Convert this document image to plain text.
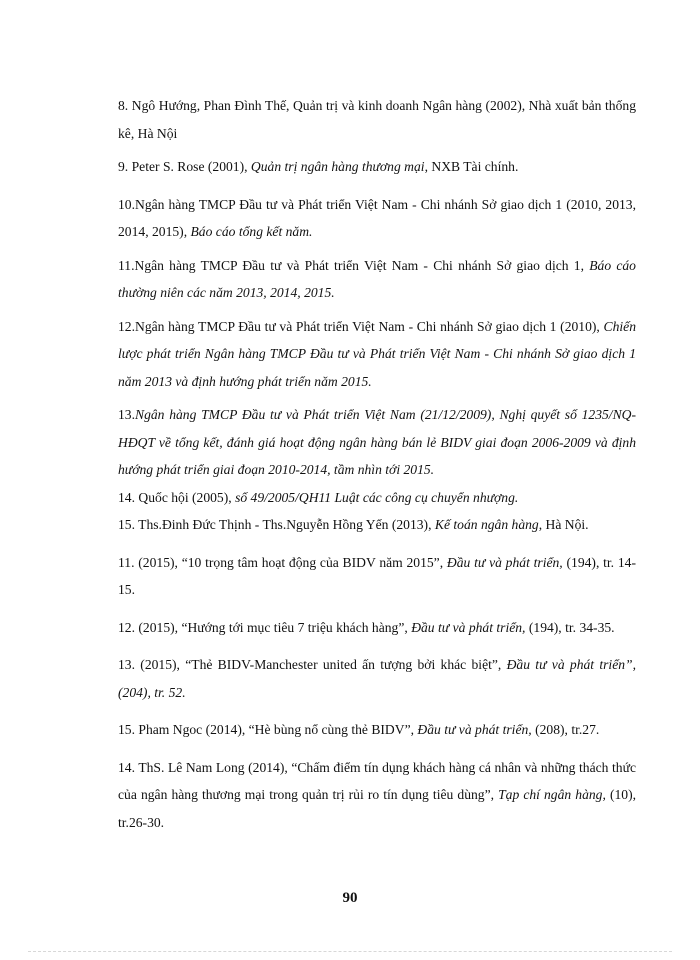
8. Ngô Hướng, Phan Đình Thế, Quản trị và kinh doanh Ngân hàng (2002), Nhà xuất bản thống kê, Hà Nội
9. Peter S. Rose (2001), Quản trị ngân hàng thương mại, NXB Tài chính.
10.Ngân hàng TMCP Đầu tư và Phát triển Việt Nam - Chi nhánh Sở giao dịch 1 (2010, 2013, 2014, 2015), Báo cáo tổng kết năm.
11.Ngân hàng TMCP Đầu tư và Phát triển Việt Nam - Chi nhánh Sở giao dịch 1, Báo cáo thường niên các năm 2013, 2014, 2015.
12.Ngân hàng TMCP Đầu tư và Phát triển Việt Nam - Chi nhánh Sở giao dịch 1 (2010), Chiến lược phát triển Ngân hàng TMCP Đầu tư và Phát triển Việt Nam - Chi nhánh Sở giao dịch 1 năm 2013 và định hướng phát triển năm 2015.
13.Ngân hàng TMCP Đầu tư và Phát triển Việt Nam (21/12/2009), Nghị quyết số 1235/NQ-HĐQT về tổng kết, đánh giá hoạt động ngân hàng bán lẻ BIDV giai đoạn 2006-2009 và định hướng phát triển giai đoạn 2010-2014, tầm nhìn tới 2015.
14. Quốc hội (2005), số 49/2005/QH11 Luật các công cụ chuyển nhượng.
15. Ths.Đinh Đức Thịnh - Ths.Nguyễn Hồng Yến (2013), Kế toán ngân hàng, Hà Nội.
11. (2015), “10 trọng tâm hoạt động của BIDV năm 2015”, Đầu tư và phát triển, (194), tr. 14-15.
12. (2015), “Hướng tới mục tiêu 7 triệu khách hàng”, Đầu tư và phát triển, (194), tr. 34-35.
13. (2015), “Thẻ BIDV-Manchester united ấn tượng bởi khác biệt”, Đầu tư và phát triển”, (204), tr. 52.
15. Pham Ngoc (2014), “Hè bùng nổ cùng thẻ BIDV”, Đầu tư và phát triển, (208), tr.27.
14. ThS. Lê Nam Long (2014), “Chấm điểm tín dụng khách hàng cá nhân và những thách thức của ngân hàng thương mại trong quản trị rủi ro tín dụng tiêu dùng”, Tạp chí ngân hàng, (10), tr.26-30.
90
